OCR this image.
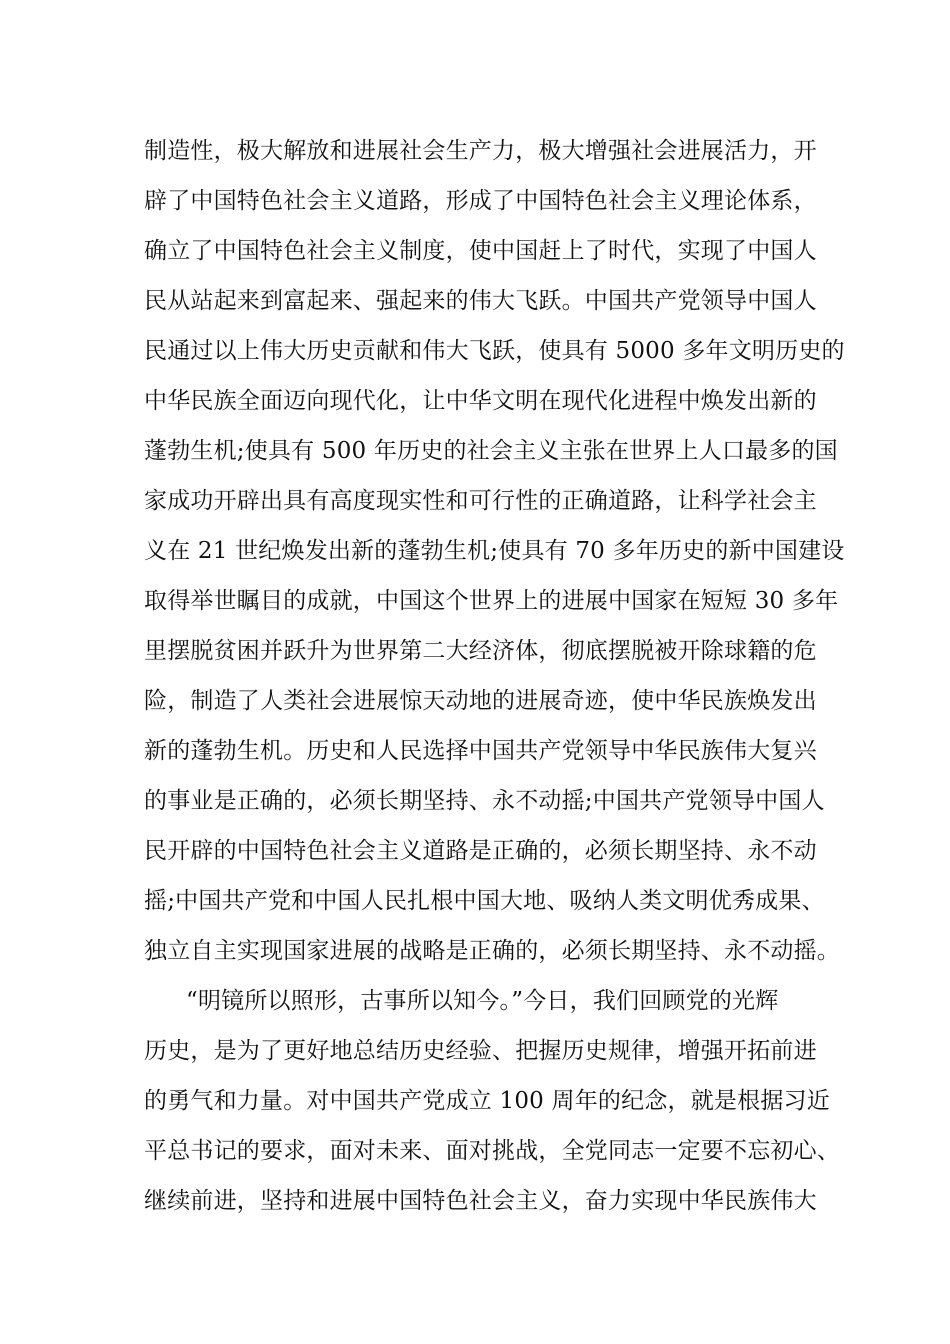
制造性，极大解放和进展社会生产力，极大增强社会进展活力，开
辟了中国特色社会主义道路，形成了中国特色社会主义理论体系，
确立了中国特色社会主义制度，使中国赶上了时代，实现了中国人
民从站起来到富起来、强起来的伟大飞跃。中国共产党领导中国人
民通过以上伟大历史贡献和伟大飞跃，使具有 5000 多年文明历史的
中华民族全面迈向现代化，让中华文明在现代化进程中焕发出新的
蓬勃生机;使具有 500 年历史的社会主义主张在世界上人口最多的国
家成功开辟出具有高度现实性和可行性的正确道路，让科学社会主
义在 21 世纪焕发出新的蓬勃生机;使具有 70 多年历史的新中国建设
取得举世瞩目的成就，中国这个世界上的进展中国家在短短 30 多年
里摆脱贫困并跃升为世界第二大经济体，彻底摆脱被开除球籍的危
险，制造了人类社会进展惊天动地的进展奇迹，使中华民族焕发出
新的蓬勃生机。历史和人民选择中国共产党领导中华民族伟大复兴
的事业是正确的，必须长期坚持、永不动摇;中国共产党领导中国人
民开辟的中国特色社会主义道路是正确的，必须长期坚持、永不动
摇;中国共产党和中国人民扎根中国大地、吸纳人类文明优秀成果、
独立自主实现国家进展的战略是正确的，必须长期坚持、永不动摇。
“明镜所以照形，古事所以知今。”今日，我们回顾党的光辉
历史，是为了更好地总结历史经验、把握历史规律，增强开拓前进
的勇气和力量。对中国共产党成立 100 周年的纪念，就是根据习近
平总书记的要求，面对未来、面对挑战，全党同志一定要不忘初心、
继续前进，坚持和进展中国特色社会主义，奋力实现中华民族伟大
